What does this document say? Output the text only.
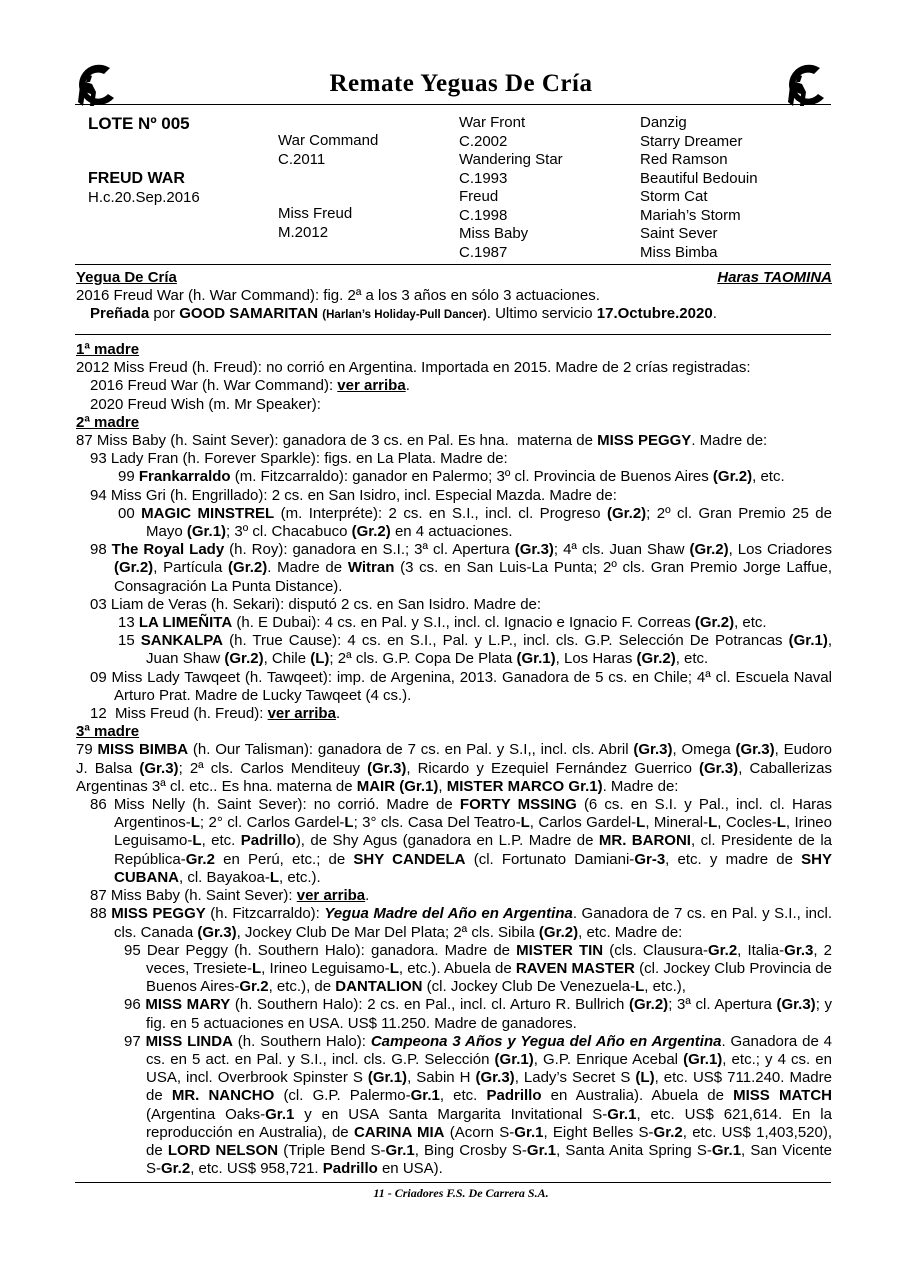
Remate Yeguas De Cría
LOTE Nº 005
FREUD WAR
H.c.20.Sep.2016
War Command
C.2011
Miss Freud
M.2012
War Front
C.2002
Wandering Star
C.1993
Freud
C.1998
Miss Baby
C.1987
Danzig
Starry Dreamer
Red Ramson
Beautiful Bedouin
Storm Cat
Mariah’s Storm
Saint Sever
Miss Bimba
Yegua De Cría	Haras TAOMINA
2016 Freud War (h. War Command): fig. 2ª a los 3 años en sólo 3 actuaciones.
Preñada por GOOD SAMARITAN (Harlan’s Holiday-Pull Dancer). Ultimo servicio 17.Octubre.2020.
1ª madre
2012 Miss Freud (h. Freud): no corrió en Argentina. Importada en 2015. Madre de 2 crías registradas:
2016 Freud War (h. War Command): ver arriba.
2020 Freud Wish (m. Mr Speaker):
2ª madre
87 Miss Baby (h. Saint Sever): ganadora de 3 cs. en Pal. Es hna.  materna de MISS PEGGY. Madre de:
93 Lady Fran (h. Forever Sparkle): figs. en La Plata. Madre de:
99 Frankarraldo (m. Fitzcarraldo): ganador en Palermo; 3º cl. Provincia de Buenos Aires (Gr.2), etc.
94 Miss Gri (h. Engrillado): 2 cs. en San Isidro, incl. Especial Mazda. Madre de:
00 MAGIC MINSTREL (m. Interpréte): 2 cs. en S.I., incl. cl. Progreso (Gr.2); 2º cl. Gran Premio 25 de Mayo (Gr.1); 3º cl. Chacabuco (Gr.2) en 4 actuaciones.
98 The Royal Lady (h. Roy): ganadora en S.I.; 3ª cl. Apertura (Gr.3); 4ª cls. Juan Shaw (Gr.2), Los Criadores (Gr.2), Partícula (Gr.2). Madre de Witran (3 cs. en San Luis-La Punta; 2º cls. Gran Premio Jorge Laffue, Consagración La Punta Distance).
03 Liam de Veras (h. Sekari): disputó 2 cs. en San Isidro. Madre de:
13 LA LIMEÑITA (h. E Dubai): 4 cs. en Pal. y S.I., incl. cl. Ignacio e Ignacio F. Correas (Gr.2), etc.
15 SANKALPA (h. True Cause): 4 cs. en S.I., Pal. y L.P., incl. cls. G.P. Selección De Potrancas (Gr.1), Juan Shaw (Gr.2), Chile (L); 2ª cls. G.P. Copa De Plata (Gr.1), Los Haras (Gr.2), etc.
09 Miss Lady Tawqeet (h. Tawqeet): imp. de Argenina, 2013. Ganadora de 5 cs. en Chile; 4ª cl. Escuela Naval Arturo Prat. Madre de Lucky Tawqeet (4 cs.).
12  Miss Freud (h. Freud): ver arriba.
3ª madre
79 MISS BIMBA (h. Our Talisman): ganadora de 7 cs. en Pal. y S.I,, incl. cls. Abril (Gr.3), Omega (Gr.3), Eudoro J. Balsa (Gr.3); 2ª cls. Carlos Menditeuy (Gr.3), Ricardo y Ezequiel Fernández Guerrico (Gr.3), Caballerizas Argentinas 3ª cl. etc.. Es hna. materna de MAIR (Gr.1), MISTER MARCO Gr.1). Madre de:
86 Miss Nelly (h. Saint Sever): no corrió. Madre de FORTY MSSING (6 cs. en S.I. y Pal., incl. cl. Haras Argentinos-L; 2° cl. Carlos Gardel-L; 3° cls. Casa Del Teatro-L, Carlos Gardel-L, Mineral-L, Cocles-L, Irineo Leguisamo-L, etc. Padrillo), de Shy Agus (ganadora en L.P. Madre de MR. BARONI, cl. Presidente de la República-Gr.2 en Perú, etc.; de SHY CANDELA (cl. Fortunato Damiani-Gr-3, etc. y madre de SHY CUBANA, cl. Bayakoa-L, etc.).
87 Miss Baby (h. Saint Sever): ver arriba.
88 MISS PEGGY (h. Fitzcarraldo): Yegua Madre del Año en Argentina. Ganadora de 7 cs. en Pal. y S.I., incl. cls. Canada (Gr.3), Jockey Club De Mar Del Plata; 2ª cls. Sibila (Gr.2), etc. Madre de:
95 Dear Peggy (h. Southern Halo): ganadora. Madre de MISTER TIN (cls. Clausura-Gr.2, Italia-Gr.3, 2 veces, Tresiete-L, Irineo Leguisamo-L, etc.). Abuela de RAVEN MASTER (cl. Jockey Club Provincia de Buenos Aires-Gr.2, etc.), de DANTALION (cl. Jockey Club De Venezuela-L, etc.),
96 MISS MARY (h. Southern Halo): 2 cs. en Pal., incl. cl. Arturo R. Bullrich (Gr.2); 3ª cl. Apertura (Gr.3); y fig. en 5 actuaciones en USA. US$ 11.250. Madre de ganadores.
97 MISS LINDA (h. Southern Halo): Campeona 3 Años y Yegua del Año en Argentina. Ganadora de 4 cs. en 5 act. en Pal. y S.I., incl. cls. G.P. Selección (Gr.1), G.P. Enrique Acebal (Gr.1), etc.; y 4 cs. en USA, incl. Overbrook Spinster S (Gr.1), Sabin H (Gr.3), Lady’s Secret S (L), etc. US$ 711.240. Madre de MR. NANCHO (cl. G.P. Palermo-Gr.1, etc. Padrillo en Australia). Abuela de MISS MATCH (Argentina Oaks-Gr.1 y en USA Santa Margarita Invitational S-Gr.1, etc. US$ 621,614. En la reproducción en Australia), de CARINA MIA (Acorn S-Gr.1, Eight Belles S-Gr.2, etc. US$ 1,403,520), de LORD NELSON (Triple Bend S-Gr.1, Bing Crosby S-Gr.1, Santa Anita Spring S-Gr.1, San Vicente S-Gr.2, etc. US$ 958,721. Padrillo en USA).
11 - Criadores F.S. De Carrera S.A.
